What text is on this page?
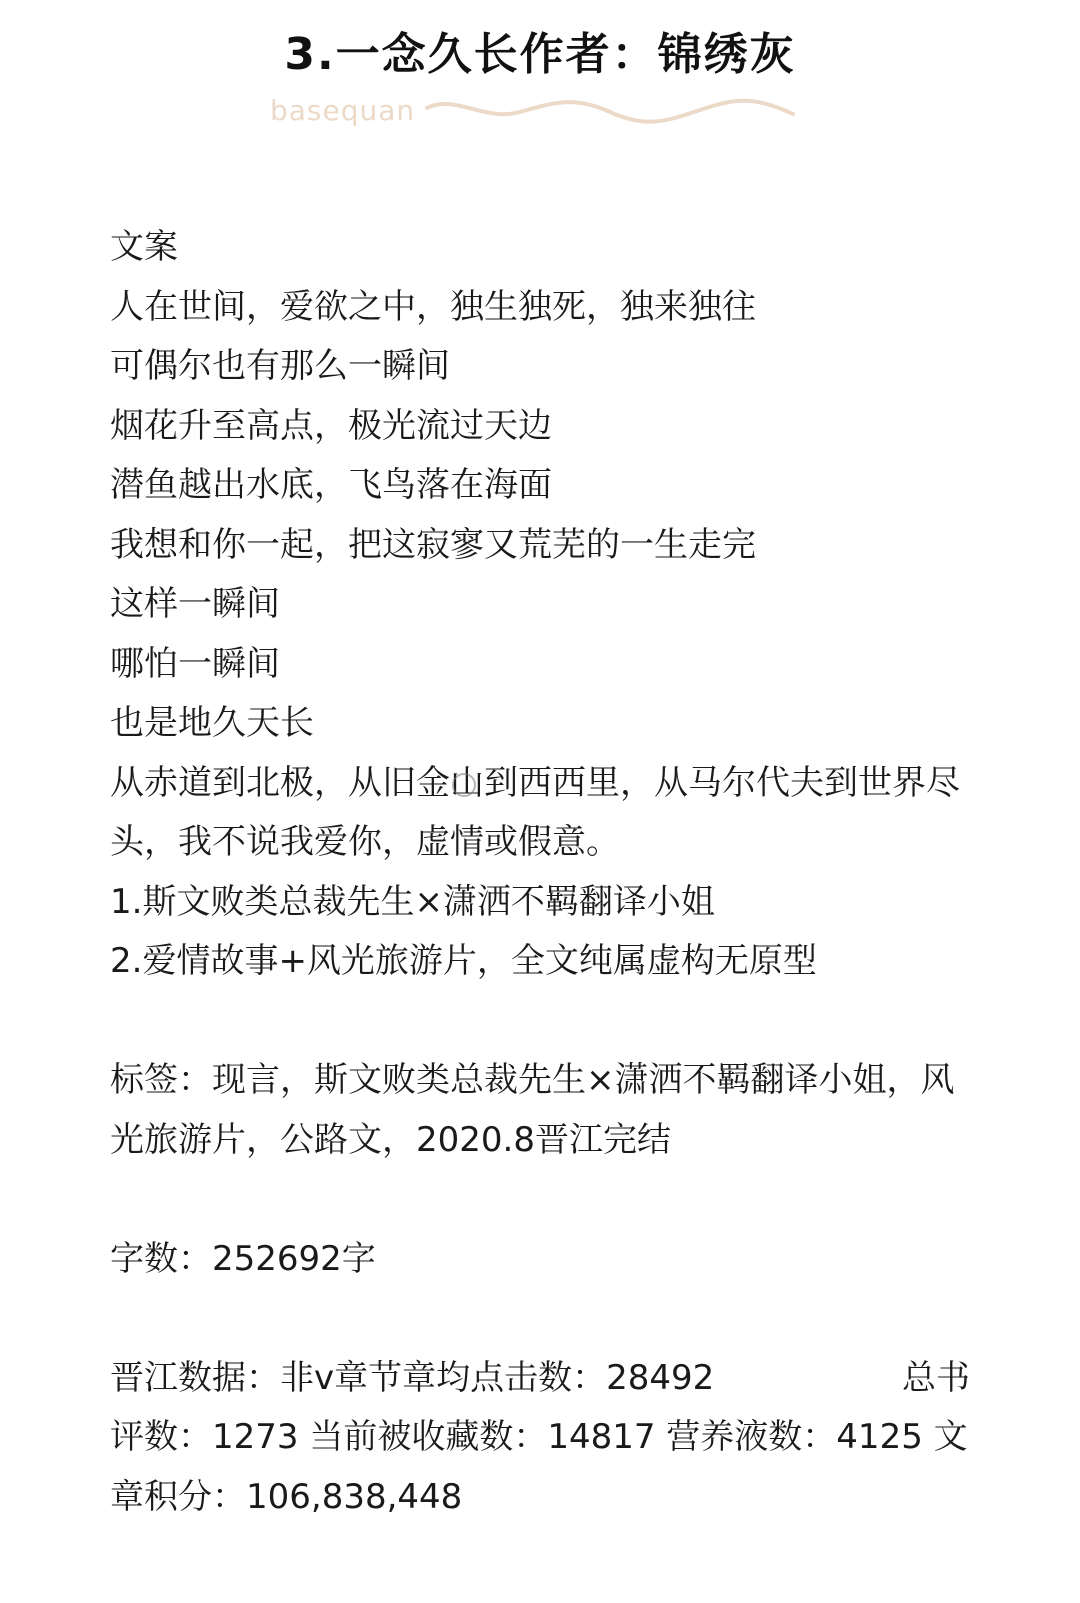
3.一念久长作者：锦绣灰
basequan
文案
人在世间，爱欲之中，独生独死，独来独往
可偶尔也有那么一瞬间
烟花升至高点，极光流过天边
潜鱼越出水底，飞鸟落在海面
我想和你一起，把这寂寥又荒芜的一生走完
这样一瞬间
哪怕一瞬间
也是地久天长
从赤道到北极，从旧金山到西西里，从马尔代夫到世界尽头，我不说我爱你，虚情或假意。
1.斯文败类总裁先生×潇洒不羁翻译小姐
2.爱情故事+风光旅游片，全文纯属虚构无原型
标签：现言，斯文败类总裁先生×潇洒不羁翻译小姐，风光旅游片，公路文，2020.8晋江完结
字数：252692字
晋江数据：非v章节章均点击数：28492	总书
评数：1273 当前被收藏数：14817 营养液数：4125 文章积分：106,838,448
